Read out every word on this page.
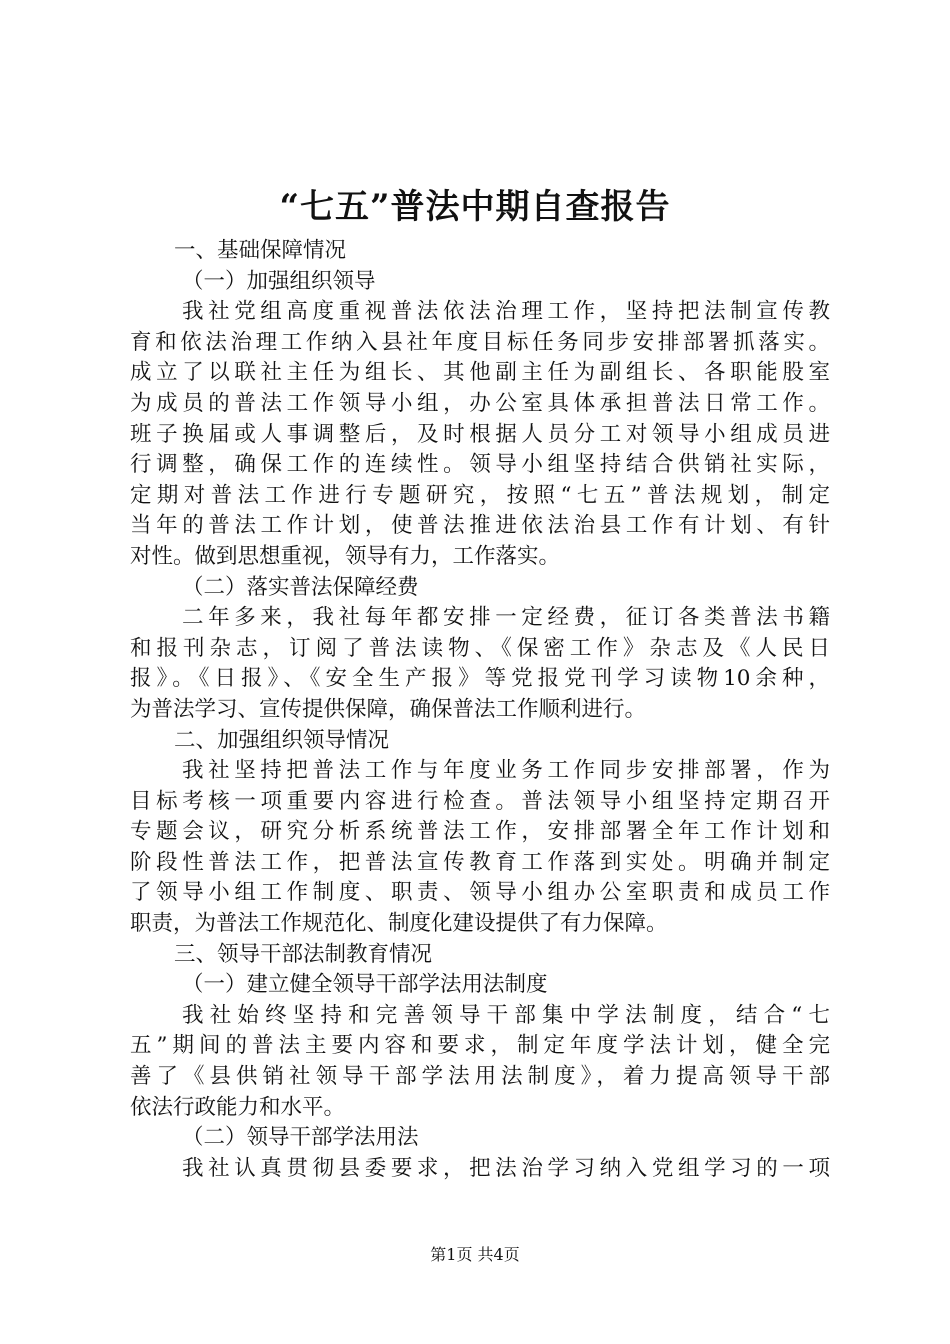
“七五”普法中期自查报告
一、基础保障情况
（一）加强组织领导
我社党组高度重视普法依法治理工作，坚持把法制宣传教
育和依法治理工作纳入县社年度目标任务同步安排部署抓落实。
成立了以联社主任为组长、其他副主任为副组长、各职能股室
为成员的普法工作领导小组，办公室具体承担普法日常工作。
班子换届或人事调整后，及时根据人员分工对领导小组成员进
行调整，确保工作的连续性。领导小组坚持结合供销社实际，
定期对普法工作进行专题研究，按照“七五”普法规划，制定
当年的普法工作计划，使普法推进依法治县工作有计划、有针
对性。做到思想重视，领导有力，工作落实。
（二）落实普法保障经费
二年多来，我社每年都安排一定经费，征订各类普法书籍
和报刊杂志，订阅了普法读物、《保密工作》杂志及《人民日
报》。《日报》、《安全生产报》等党报党刊学习读物10余种，
为普法学习、宣传提供保障，确保普法工作顺利进行。
二、加强组织领导情况
我社坚持把普法工作与年度业务工作同步安排部署，作为
目标考核一项重要内容进行检查。普法领导小组坚持定期召开
专题会议，研究分析系统普法工作，安排部署全年工作计划和
阶段性普法工作，把普法宣传教育工作落到实处。明确并制定
了领导小组工作制度、职责、领导小组办公室职责和成员工作
职责，为普法工作规范化、制度化建设提供了有力保障。
三、领导干部法制教育情况
（一）建立健全领导干部学法用法制度
我社始终坚持和完善领导干部集中学法制度，结合“七
五”期间的普法主要内容和要求，制定年度学法计划，健全完
善了《县供销社领导干部学法用法制度》，着力提高领导干部
依法行政能力和水平。
（二）领导干部学法用法
我社认真贯彻县委要求，把法治学习纳入党组学习的一项
第1页 共4页
